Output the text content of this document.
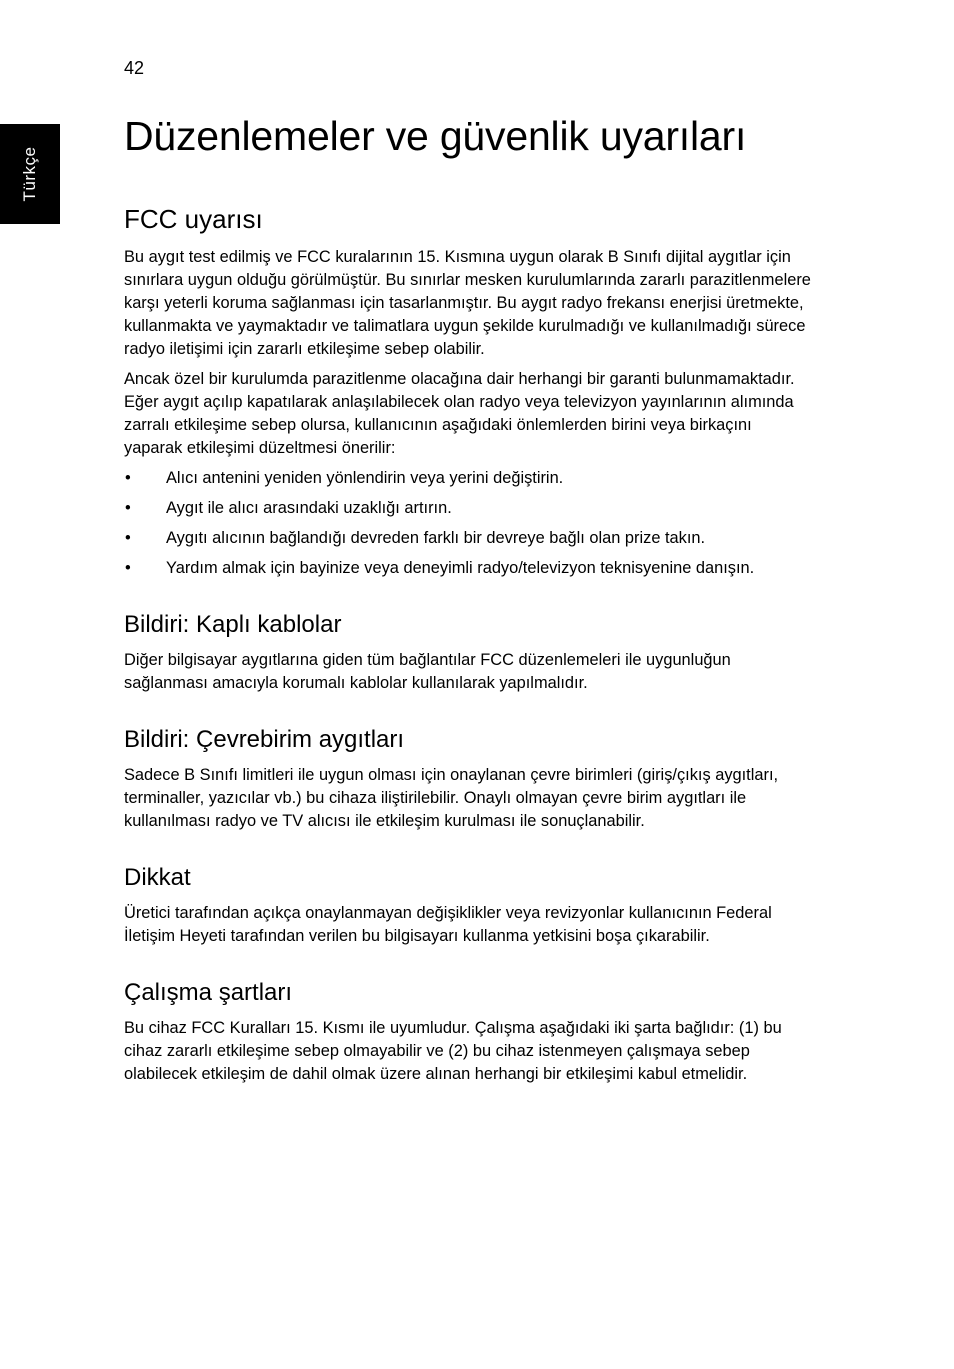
42

Türkçe
Düzenlemeler ve güvenlik uyarıları
FCC uyarısı

Bu aygıt test edilmiş ve FCC kuralarının 15. Kısmına uygun olarak B Sınıfı dijital aygıtlar için sınırlara uygun olduğu görülmüştür. Bu sınırlar mesken kurulumlarında zararlı parazitlenmelere karşı yeterli koruma sağlanması için tasarlanmıştır. Bu aygıt radyo frekansı enerjisi üretmekte, kullanmakta ve yaymaktadır ve talimatlara uygun şekilde kurulmadığı ve kullanılmadığı sürece radyo iletişimi için zararlı etkileşime sebep olabilir.

Ancak özel bir kurulumda parazitlenme olacağına dair herhangi bir garanti bulunmamaktadır. Eğer aygıt açılıp kapatılarak anlaşılabilecek olan radyo veya televizyon yayınlarının alımında zarralı etkileşime sebep olursa, kullanıcının aşağıdaki önlemlerden birini veya birkaçını yaparak etkileşimi düzeltmesi önerilir:

• Alıcı antenini yeniden yönlendirin veya yerini değiştirin.
• Aygıt ile alıcı arasındaki uzaklığı artırın.
• Aygıtı alıcının bağlandığı devreden farklı bir devreye bağlı olan prize takın.
• Yardım almak için bayinize veya deneyimli radyo/televizyon teknisyenine danışın.
Bildiri: Kaplı kablolar

Diğer bilgisayar aygıtlarına giden tüm bağlantılar FCC düzenlemeleri ile uygunluğun sağlanması amacıyla korumalı kablolar kullanılarak yapılmalıdır.

Bildiri: Çevrebirim aygıtları

Sadece B Sınıfı limitleri ile uygun olması için onaylanan çevre birimleri (giriş/çıkış aygıtları, terminaller, yazıcılar vb.) bu cihaza iliştirilebilir. Onaylı olmayan çevre birim aygıtları ile kullanılması radyo ve TV alıcısı ile etkileşim kurulması ile sonuçlanabilir.

Dikkat

Üretici tarafından açıkça onaylanmayan değişiklikler veya revizyonlar kullanıcının Federal İletişim Heyeti tarafından verilen bu bilgisayarı kullanma yetkisini boşa çıkarabilir.

Çalışma şartları

Bu cihaz FCC Kuralları 15. Kısmı ile uyumludur. Çalışma aşağıdaki iki şarta bağlıdır: (1) bu cihaz zararlı etkileşime sebep olmayabilir ve (2) bu cihaz istenmeyen çalışmaya sebep olabilecek etkileşim de dahil olmak üzere alınan herhangi bir etkileşimi kabul etmelidir.
